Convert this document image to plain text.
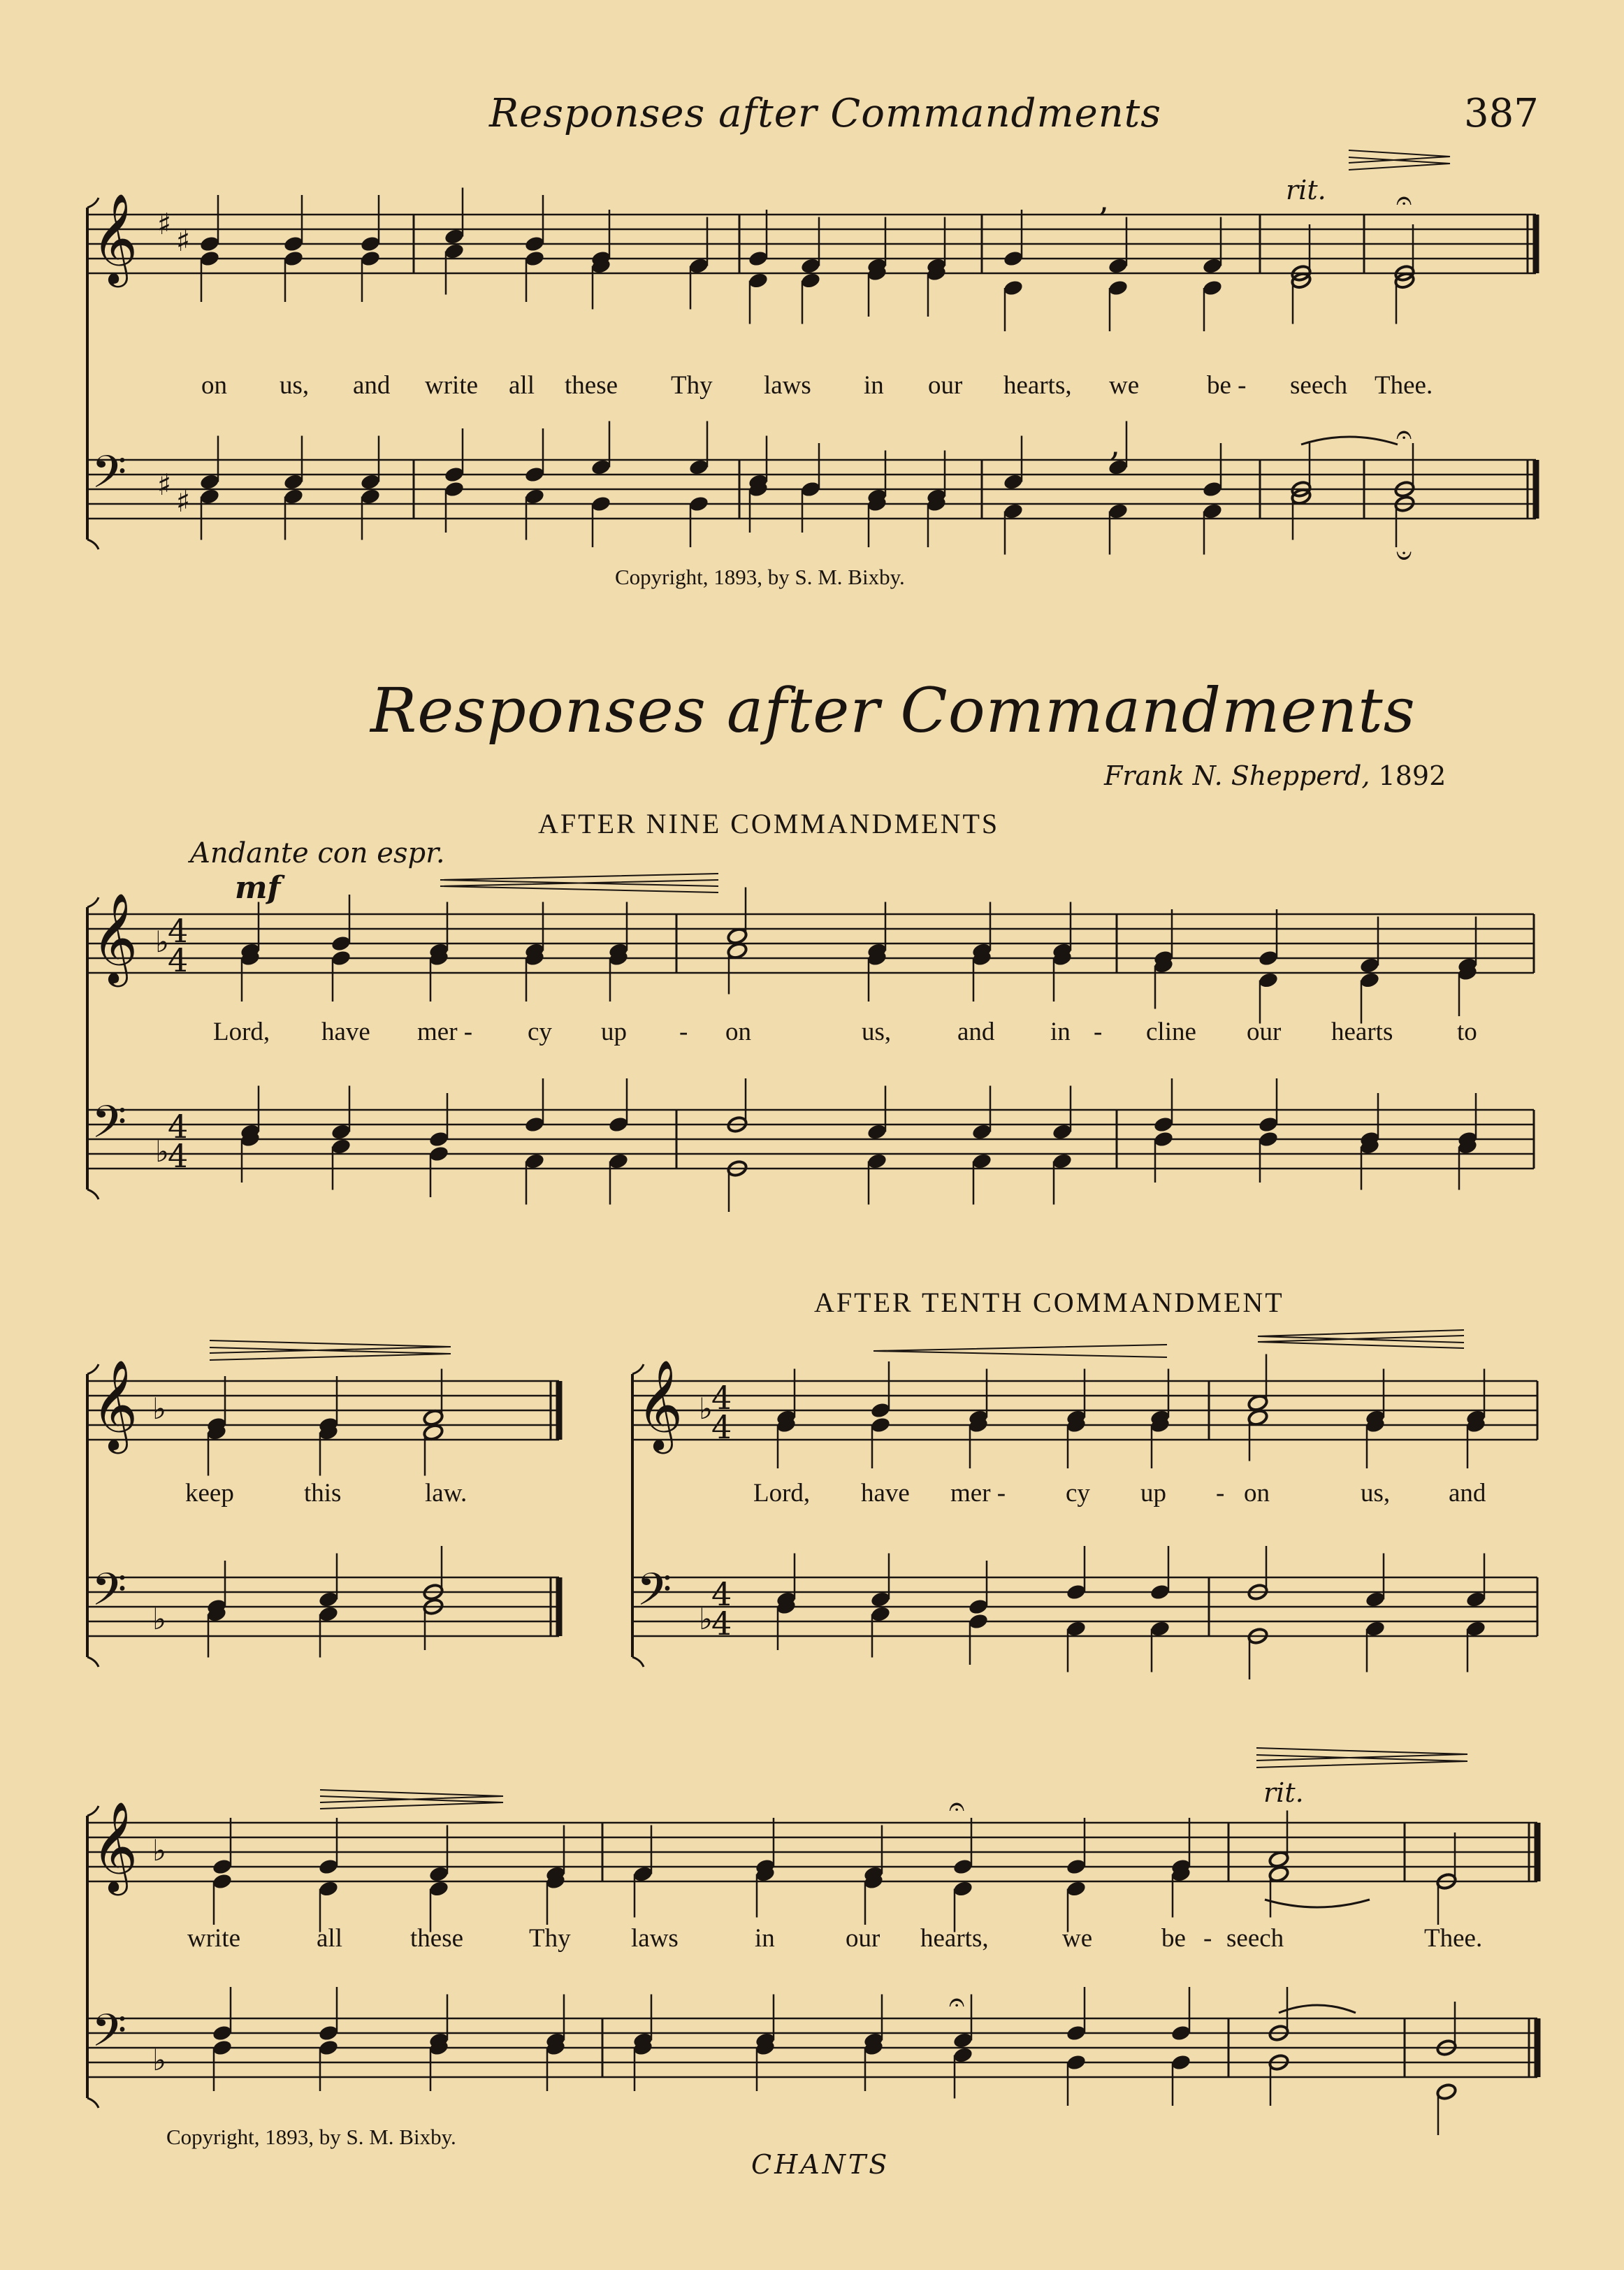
Responses after Commandments	387
𝄞
𝄢
♯
♯
♯
♯
,
,
𝄐
𝄐
𝄑
𝄞
𝄢
♭
♭
4
4
4
4
𝄞
𝄢
♭
♭
𝄞
𝄢
♭
♭
4
4
4
4
𝄞
𝄢
♭
♭
𝄐
𝄐
rit.
on us, and write all these Thy laws in our hearts, we	be - seech Thee.
Copyright, 1893, by S. M. Bixby.
Responses after Commandments
Frank N. Shepperd, 1892
AFTER NINE COMMANDMENTS
Andante con espr.
mf
Lord, have mer - cy up - on	us,	and in - cline our hearts to
keep	this	law.
AFTER TENTH COMMANDMENT
Lord, have mer - cy up - on	us, and
rit.
write	all	these	Thy laws	in	our hearts,	we	be - seech	Thee.
Copyright, 1893, by S. M. Bixby.
CHANTS
